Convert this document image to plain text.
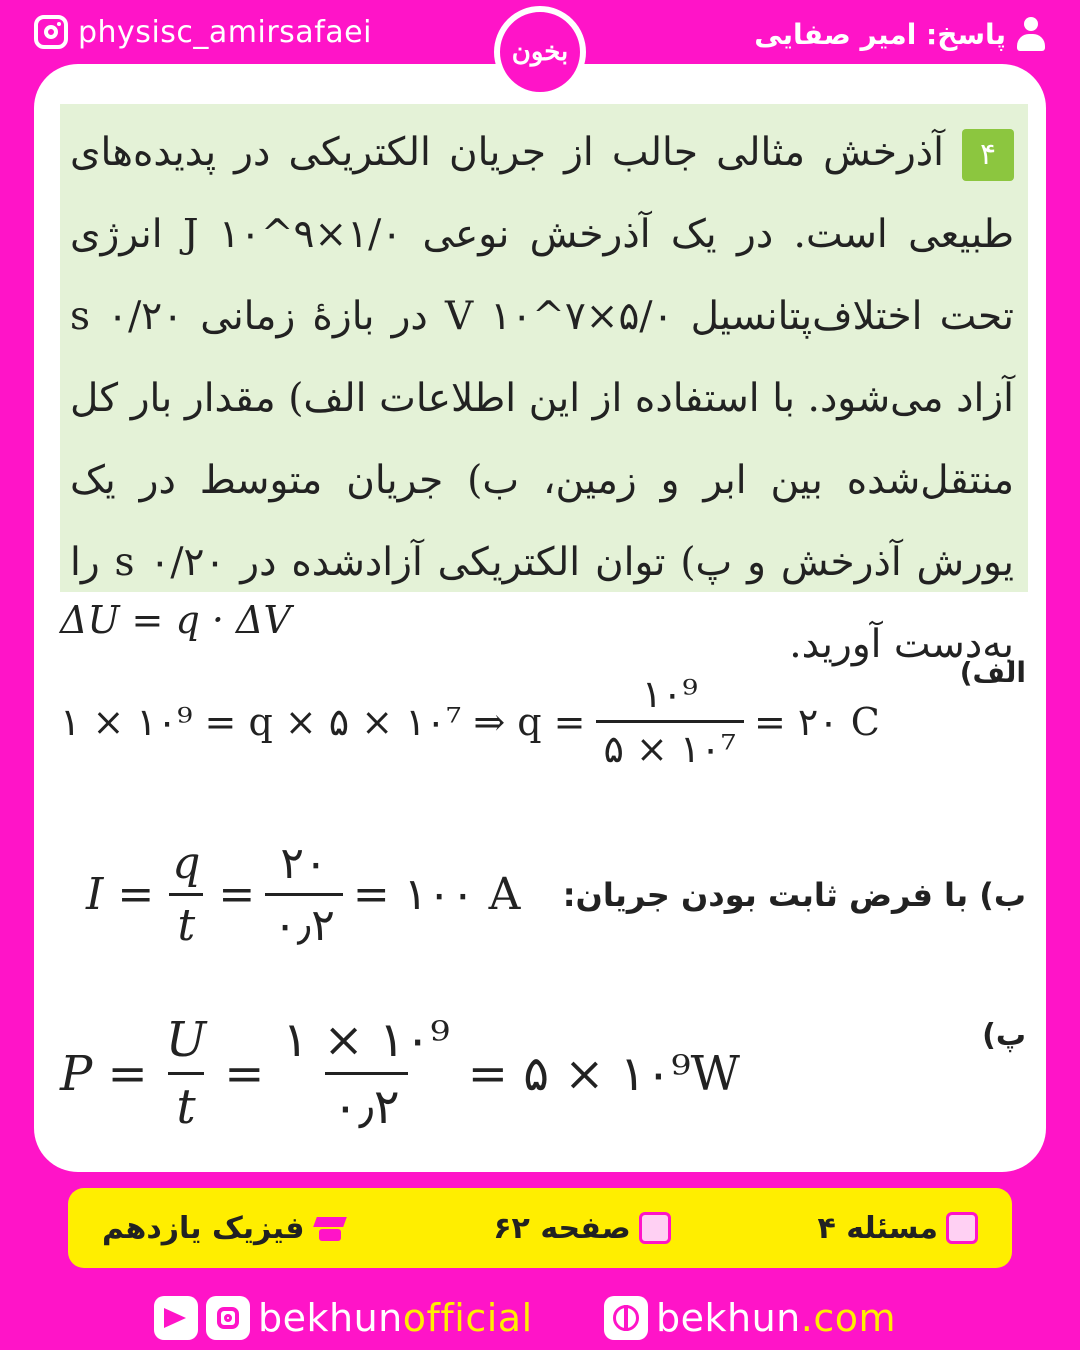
physisc_amirsafaei	پاسخ: امیر صفایی
بخون
۴آذرخش مثالی جالب از جریان الکتریکی در پدیده‌های طبیعی است. در یک آذرخش نوعی J ۱۰^۹×۱/۰ انرژی تحت اختلاف‌پتانسیل V ۱۰^۷×۵/۰ در بازهٔ زمانی s ۰/۲۰ آزاد می‌شود. با استفاده از این اطلاعات الف) مقدار بار کل منتقل‌شده بین ابر و زمین، ب) جریان متوسط در یک یورش آذرخش و پ) توان الکتریکی آزادشده در s ۰/۲۰ را به‌دست آورید.
ΔU = q · ΔV
الف)
۱ × ۱۰⁹ = q × ۵ × ۱۰⁷ ⇒ $q = \frac{\text{۱۰⁹}}{\text{۵ × ۱۰⁷}}$ = ۲۰ C
ب) با فرض ثابت بودن جریان:
$I = \frac{q}{t} = \frac{۲۰}{۰٫۲}$ = ۱۰۰ A
پ)
$P = \frac{U}{t} = \frac{\text{۱ × ۱۰⁹}}{۰٫۲}$ = ۵ × ۱۰⁹W
مسئله ۴
صفحه ۶۲
فیزیک یازدهم
bekhun official	bekhun .com
